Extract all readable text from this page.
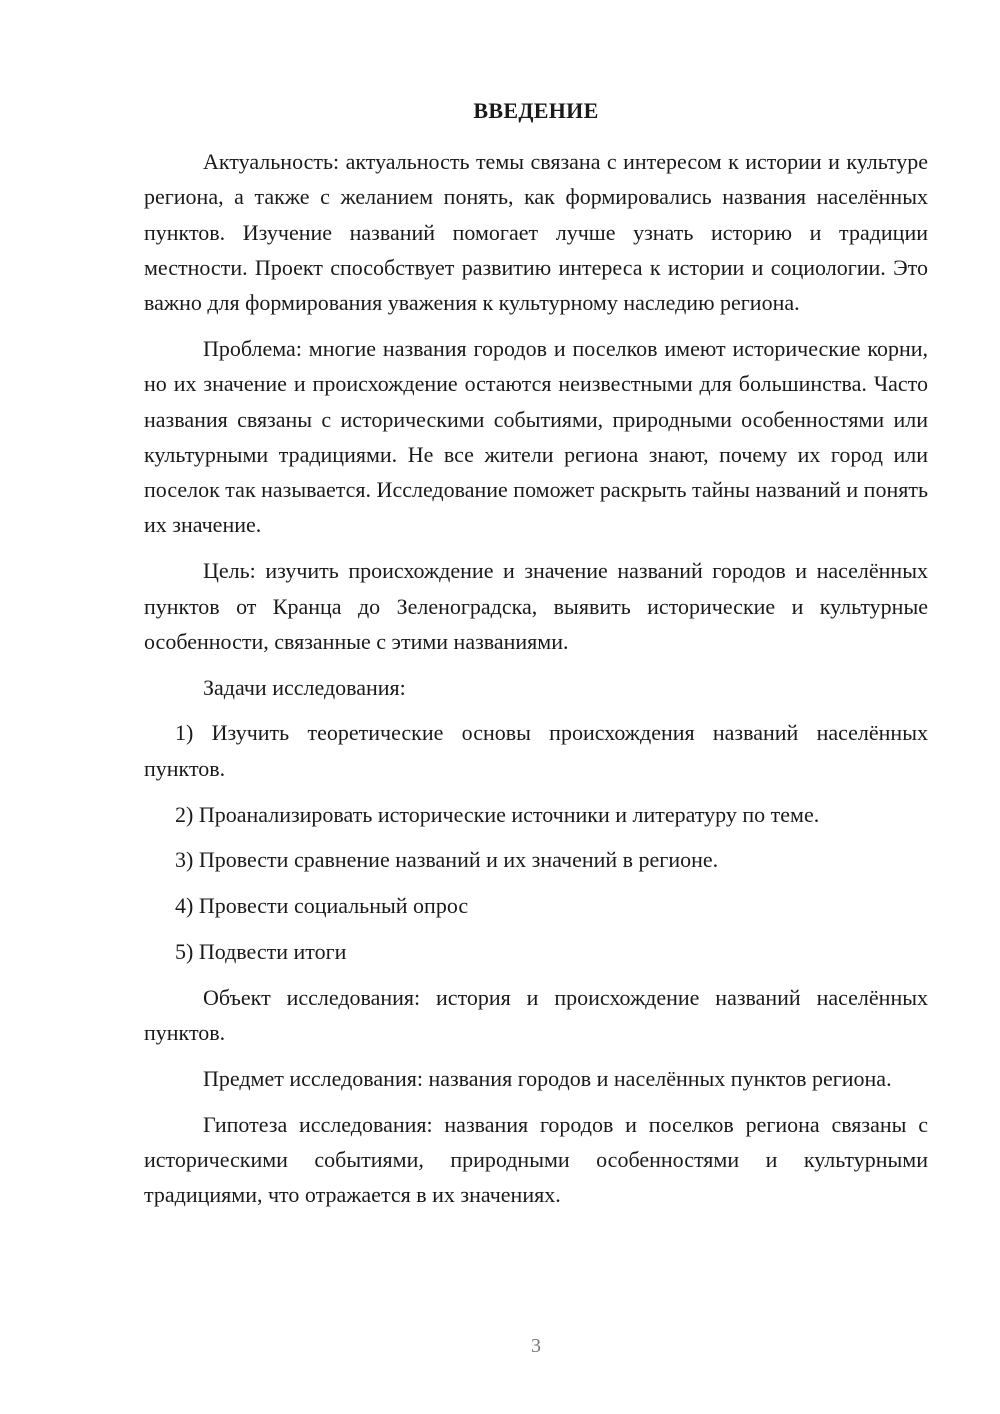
ВВЕДЕНИЕ

Актуальность: актуальность темы связана с интересом к истории и культуре региона, а также с желанием понять, как формировались названия населённых пунктов. Изучение названий помогает лучше узнать историю и традиции местности. Проект способствует развитию интереса к истории и социологии. Это важно для формирования уважения к культурному наследию региона.

Проблема: многие названия городов и поселков имеют исторические корни, но их значение и происхождение остаются неизвестными для большинства. Часто названия связаны с историческими событиями, природными особенностями или культурными традициями. Не все жители региона знают, почему их город или поселок так называется. Исследование поможет раскрыть тайны названий и понять их значение.

Цель: изучить происхождение и значение названий городов и населённых пунктов от Кранца до Зеленоградска, выявить исторические и культурные особенности, связанные с этими названиями.

Задачи исследования:

1) Изучить теоретические основы происхождения названий населённых пунктов.

2) Проанализировать исторические источники и литературу по теме.

3) Провести сравнение названий и их значений в регионе.

4) Провести социальный опрос

5) Подвести итоги

Объект исследования: история и происхождение названий населённых пунктов.

Предмет исследования: названия городов и населённых пунктов региона.

Гипотеза исследования: названия городов и поселков региона связаны с историческими событиями, природными особенностями и культурными традициями, что отражается в их значениях.

3
